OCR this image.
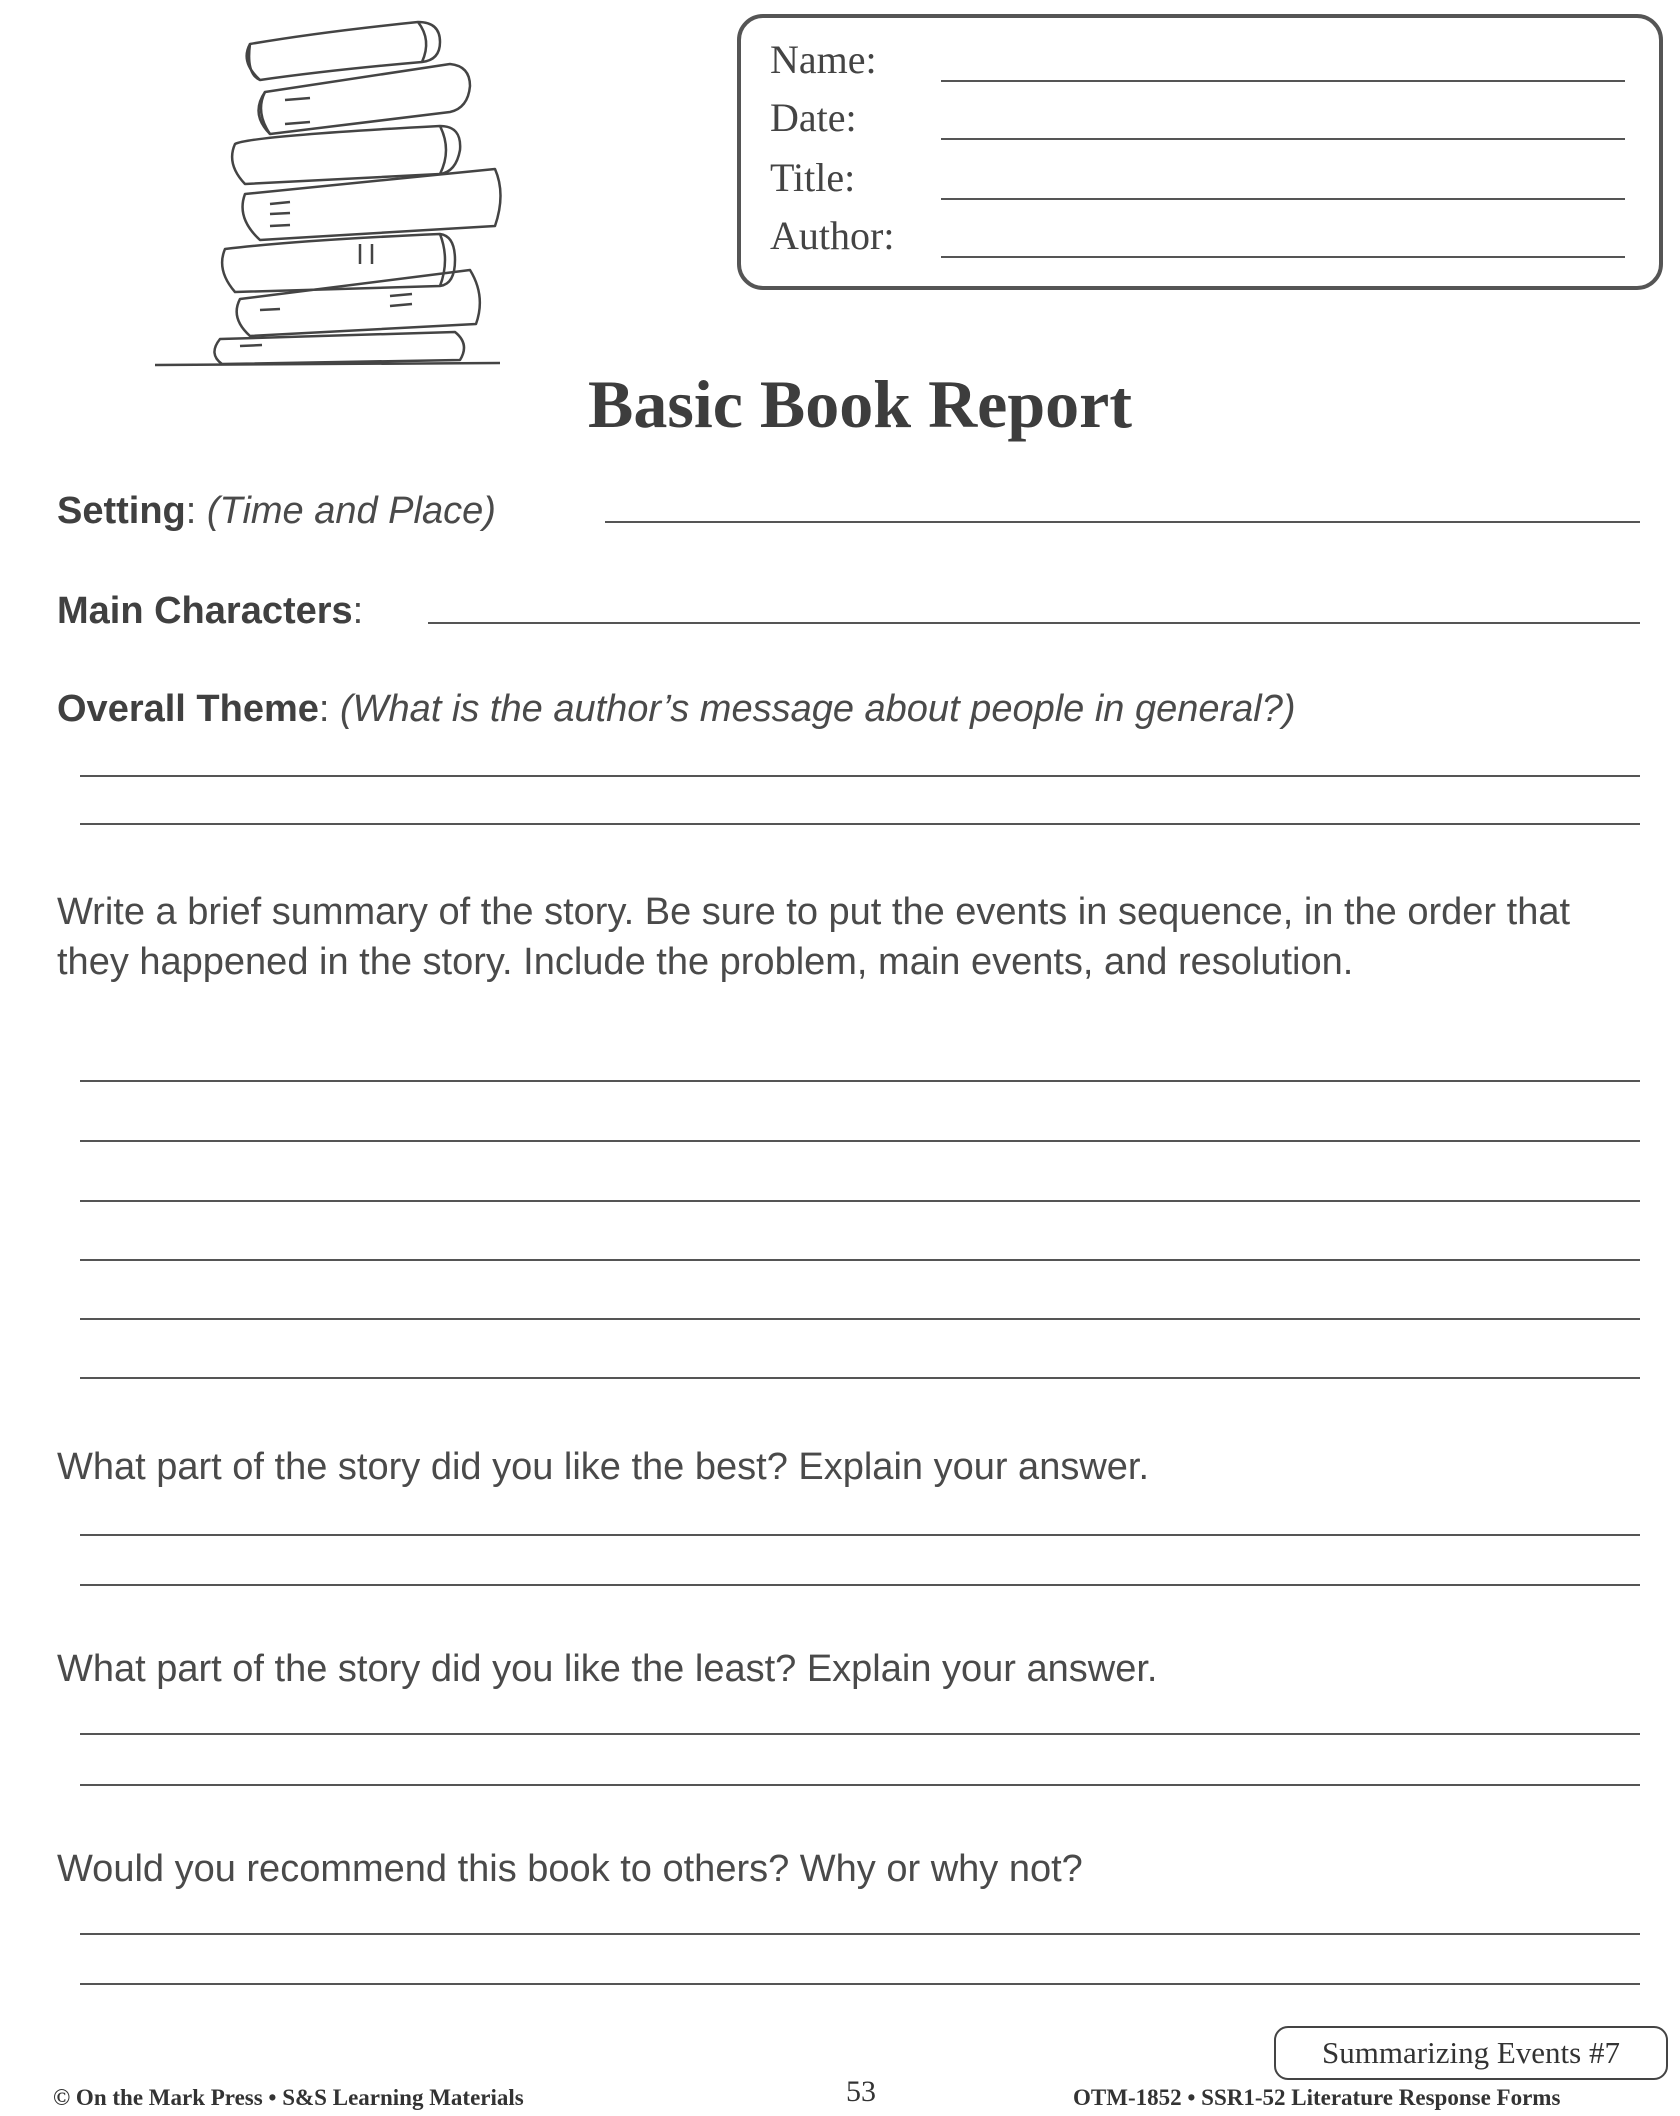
Name:
Date:
Title:
Author:
Basic Book Report
Setting: (Time and Place)
Main Characters:
Overall Theme: (What is the author’s message about people in general?)
Write a brief summary of the story. Be sure to put the events in sequence, in the order that they happened in the story. Include the problem, main events, and resolution.
What part of the story did you like the best? Explain your answer.
What part of the story did you like the least? Explain your answer.
Would you recommend this book to others? Why or why not?
Summarizing Events #7
© On the Mark Press • S&S Learning Materials	53	OTM-1852 • SSR1-52 Literature Response Forms
